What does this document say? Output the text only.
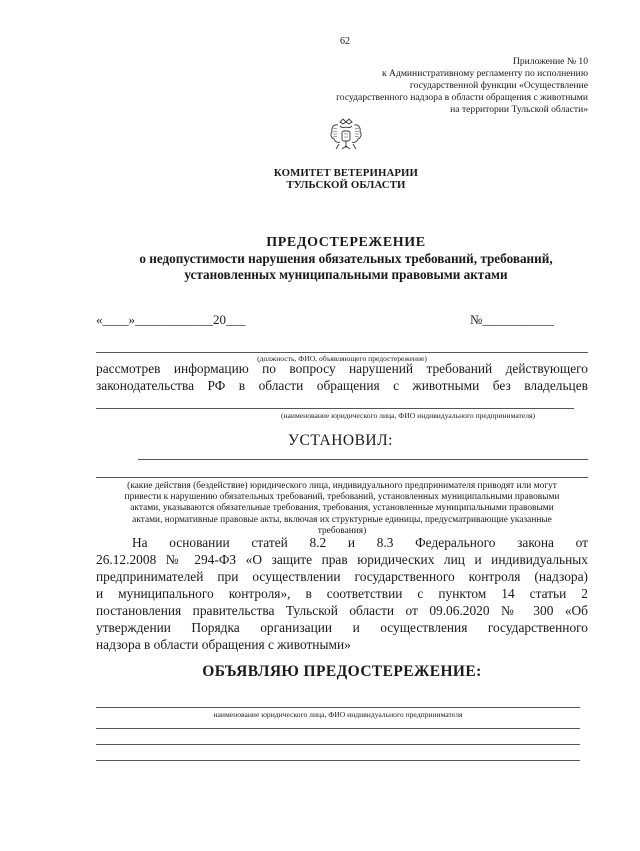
62
Приложение № 10
к Административному регламенту по исполнению
государственной функции «Осуществление
государственного надзора в области обращения с животными
на территории Тульской области»
КОМИТЕТ ВЕТЕРИНАРИИ
ТУЛЬСКОЙ ОБЛАСТИ
ПРЕДОСТЕРЕЖЕНИЕ
о недопустимости нарушения обязательных требований, требований,
установленных муниципальными правовыми актами
«____»____________20___	№___________
(должность, ФИО, объявляющего предостережение)
рассмотрев информацию по вопросу нарушений требований действующего
законодательства РФ в области обращения с животными без владельцев
(наименование юридического лица, ФИО индивидуального предпринимателя)
УСТАНОВИЛ:
(какие действия (бездействие) юридического лица, индивидуального предпринимателя приводят или могут
привести к нарушению обязательных требований, требований, установленных муниципальными правовыми
актами, указываются обязательные требования, требования, установленные муниципальными правовыми
актами, нормативные правовые акты, включая их структурные единицы, предусматривающие указанные
требования)
На основании статей 8.2 и 8.3 Федерального закона от
26.12.2008 № 294-ФЗ «О защите прав юридических лиц и индивидуальных
предпринимателей при осуществлении государственного контроля (надзора)
и муниципального контроля», в соответствии с пунктом 14 статьи 2
постановления правительства Тульской области от 09.06.2020 № 300 «Об
утверждении Порядка организации и осуществления государственного
надзора в области обращения с животными»
ОБЪЯВЛЯЮ ПРЕДОСТЕРЕЖЕНИЕ:
наименование юридического лица, ФИО индивидуального предпринимателя
